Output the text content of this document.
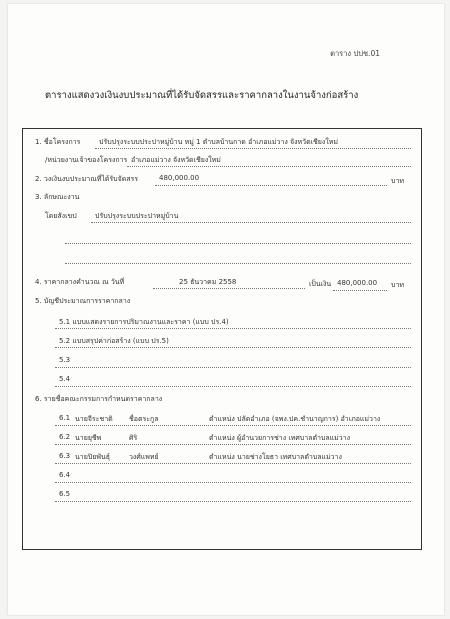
ตาราง ปปช.01
ตารางแสดงวงเงินงบประมาณที่ได้รับจัดสรรและราคากลางในงานจ้างก่อสร้าง
1. ชื่อโครงการ	ปรับปรุงระบบประปาหมู่บ้าน หมู่ 1 ตำบลบ้านกาด อำเภอแม่วาง จังหวัดเชียงใหม่
/หน่วยงานเจ้าของโครงการ อำเภอแม่วาง จังหวัดเชียงใหม่
2. วงเงินงบประมาณที่ได้รับจัดสรร	480,000.00	บาท
3. ลักษณะงาน
โดยสังเขป	ปรับปรุงระบบประปาหมู่บ้าน
4. ราคากลางคำนวณ ณ วันที่	25 ธันวาคม 2558	เป็นเงิน 480,000.00 บาท
5. บัญชีประมาณการราคากลาง
5.1 แบบแสดงรายการปริมาณงานและราคา (แบบ ปร.4)
5.2 แบบสรุปค่าก่อสร้าง (แบบ ปร.5)
5.3
5.4
6. รายชื่อคณะกรรมการกำหนดราคากลาง
6.1 นายจีระชาติ ชื่อตระกูล	ตำแหน่ง ปลัดอำเภอ (จพง.ปค.ชำนาญการ) อำเภอแม่วาง
6.2 นายยุชีพ	ศิริ	ตำแหน่ง ผู้อำนวยการช่าง เทศบาลตำบลแม่วาง
6.3 นายปิยพันธุ์	วงศ์แพทย์	ตำแหน่ง นายช่างโยธา เทศบาลตำบลแม่วาง
6.4
6.5
